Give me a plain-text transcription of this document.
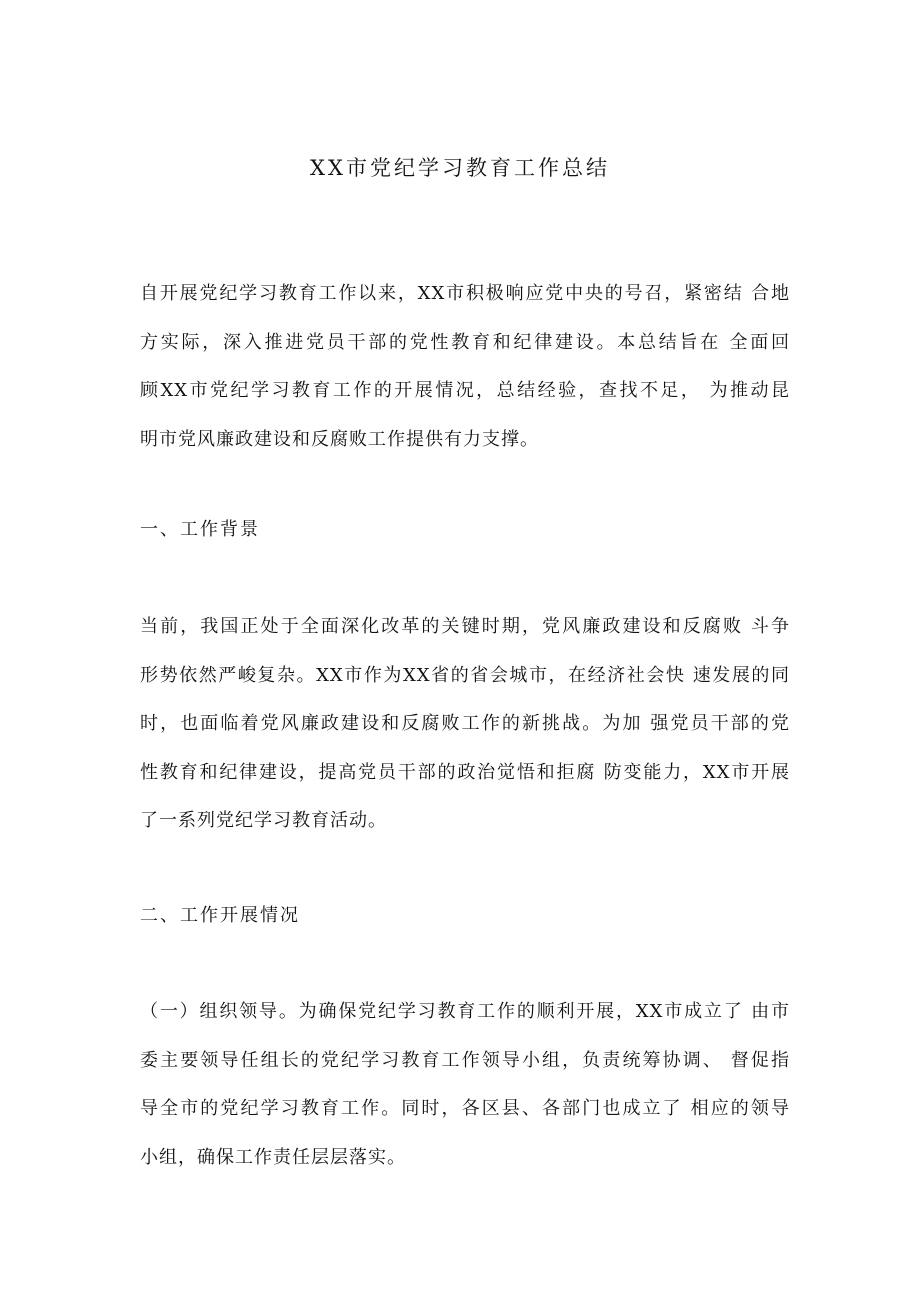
XX市党纪学习教育工作总结
自开展党纪学习教育工作以来，XX市积极响应党中央的号召，紧密结 合地
方实际，深入推进党员干部的党性教育和纪律建设。本总结旨在 全面回
顾XX市党纪学习教育工作的开展情况，总结经验，查找不足， 为推动昆
明市党风廉政建设和反腐败工作提供有力支撑。
一、工作背景
当前，我国正处于全面深化改革的关键时期，党风廉政建设和反腐败 斗争
形势依然严峻复杂。XX市作为XX省的省会城市，在经济社会快 速发展的同
时，也面临着党风廉政建设和反腐败工作的新挑战。为加 强党员干部的党
性教育和纪律建设，提高党员干部的政治觉悟和拒腐 防变能力，XX市开展
了一系列党纪学习教育活动。
二、工作开展情况
（一）组织领导。为确保党纪学习教育工作的顺利开展，XX市成立了 由市
委主要领导任组长的党纪学习教育工作领导小组，负责统筹协调、 督促指
导全市的党纪学习教育工作。同时，各区县、各部门也成立了 相应的领导
小组，确保工作责任层层落实。
